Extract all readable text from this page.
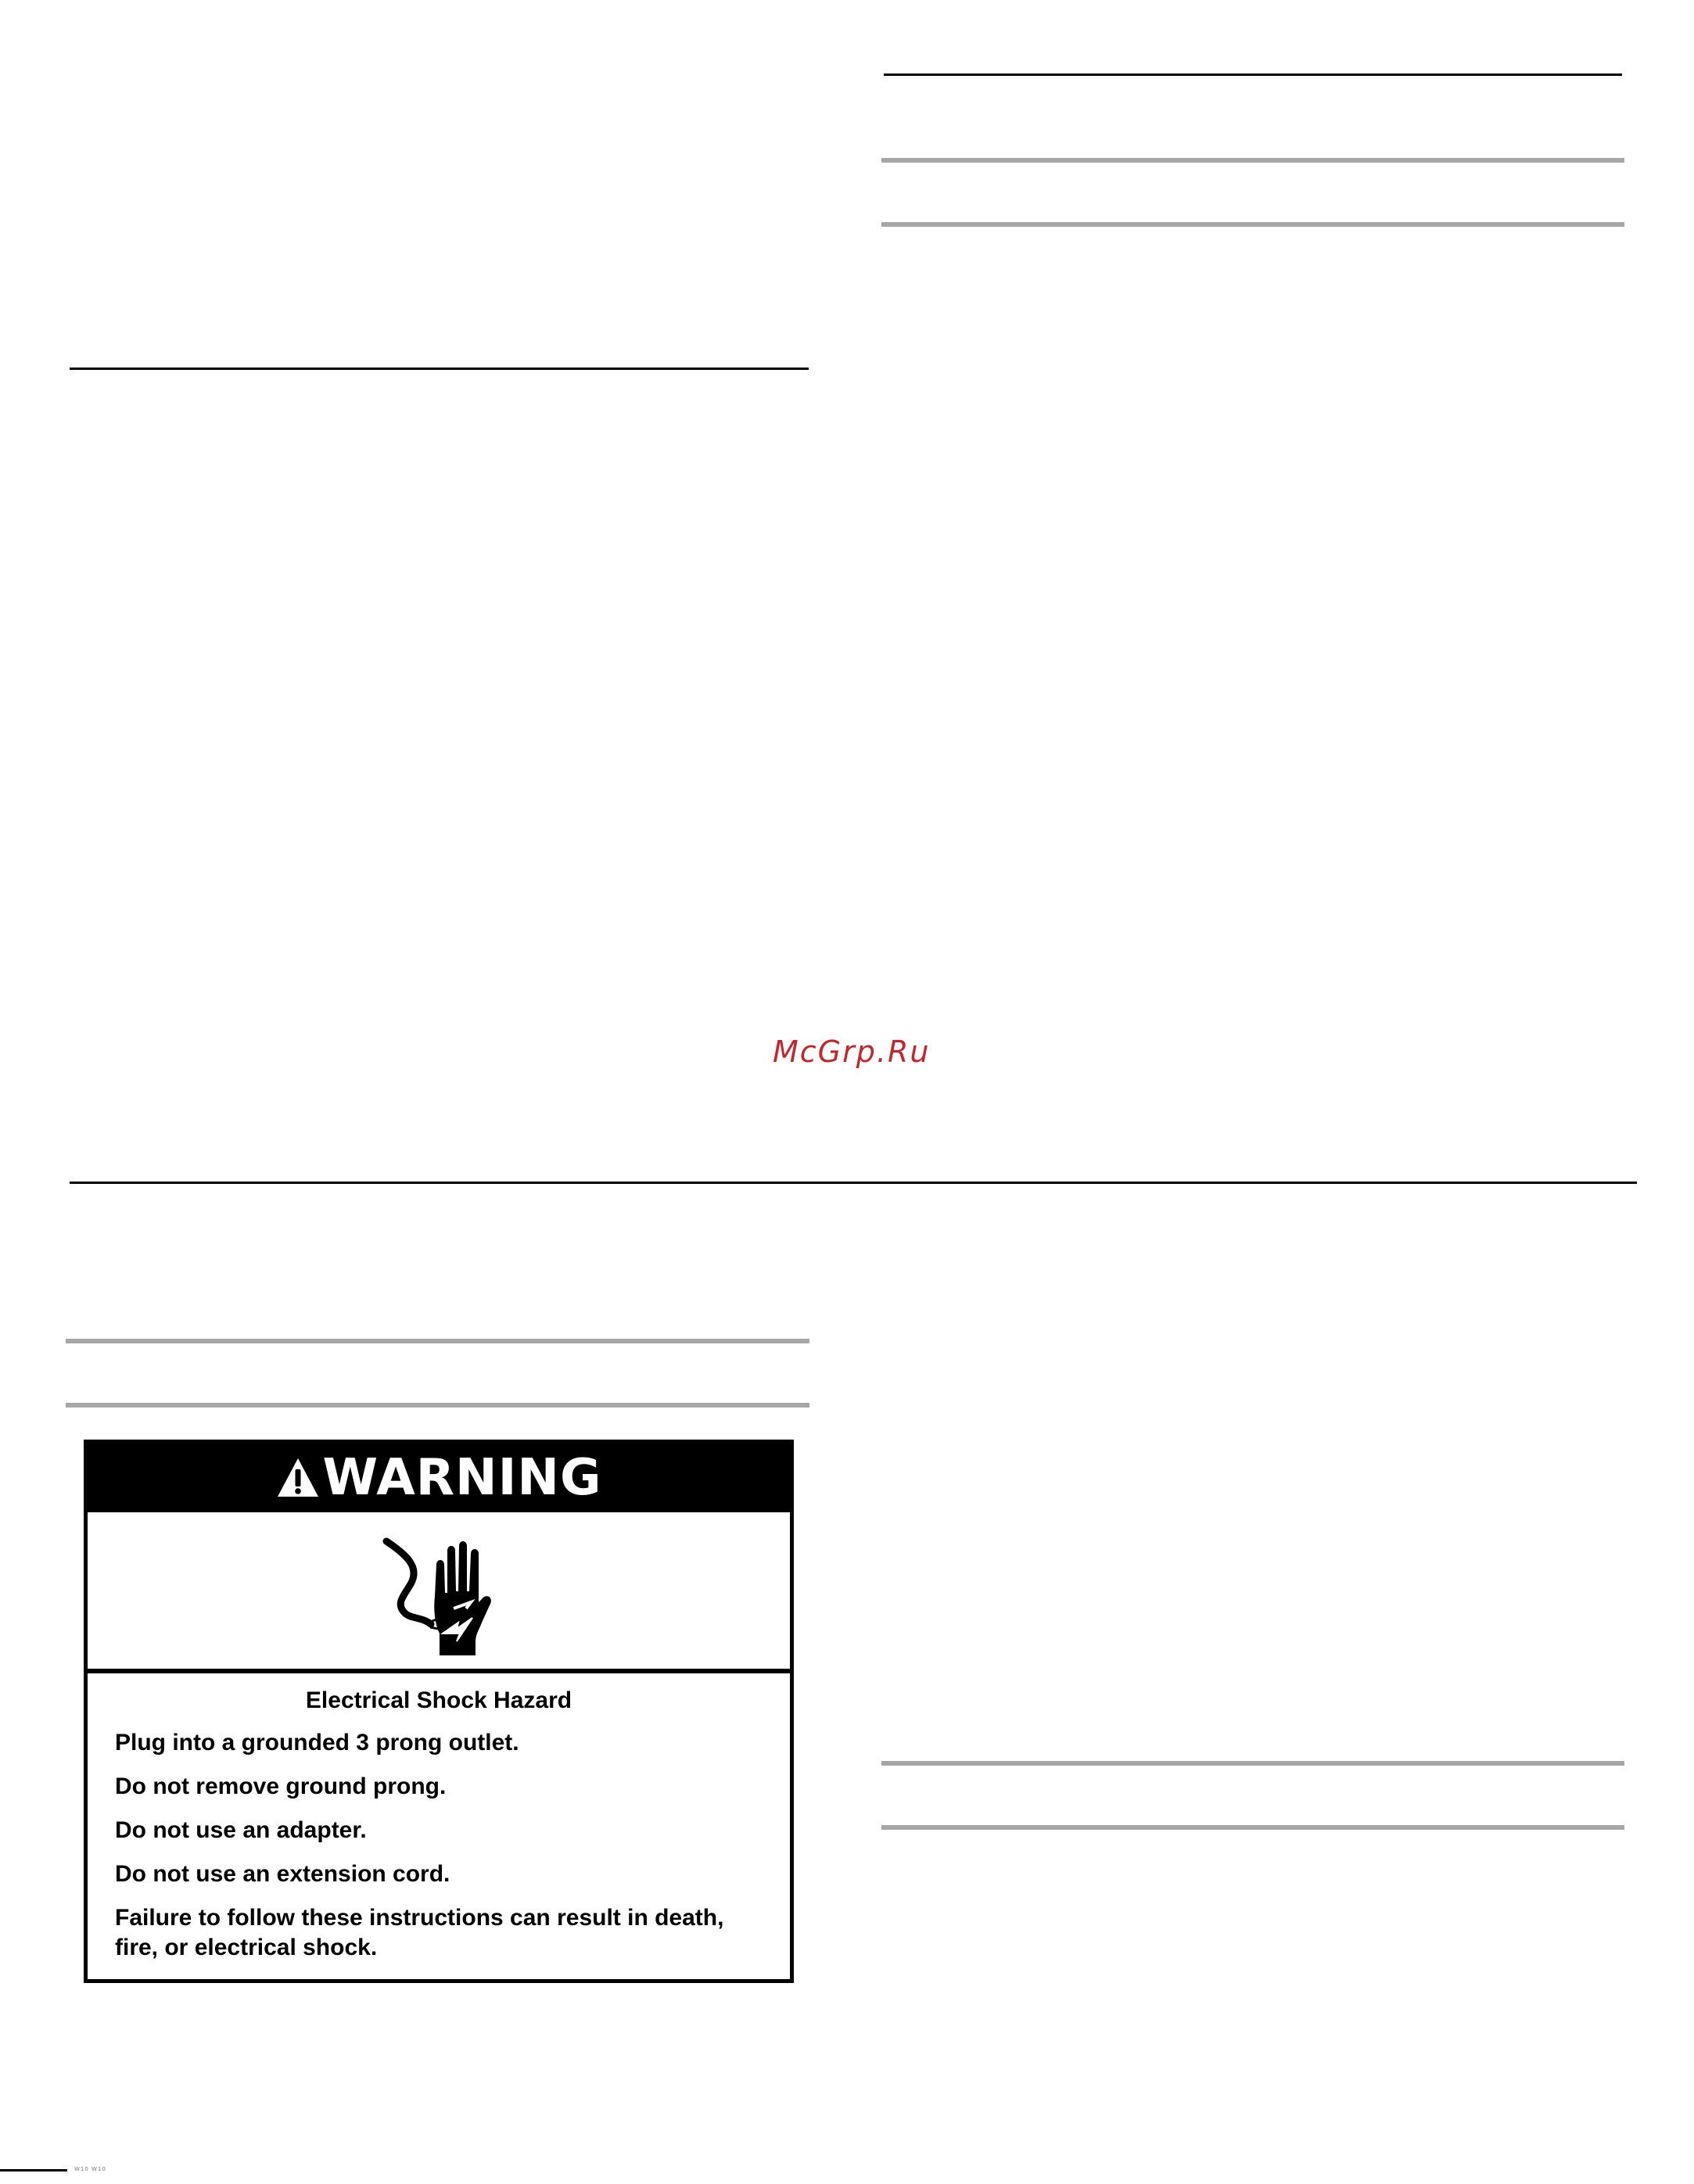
McGrp.Ru
WARNING
Electrical Shock Hazard
Plug into a grounded 3 prong outlet.
Do not remove ground prong.
Do not use an adapter.
Do not use an extension cord.
Failure to follow these instructions can result in death, fire, or electrical shock.
W10 W10
